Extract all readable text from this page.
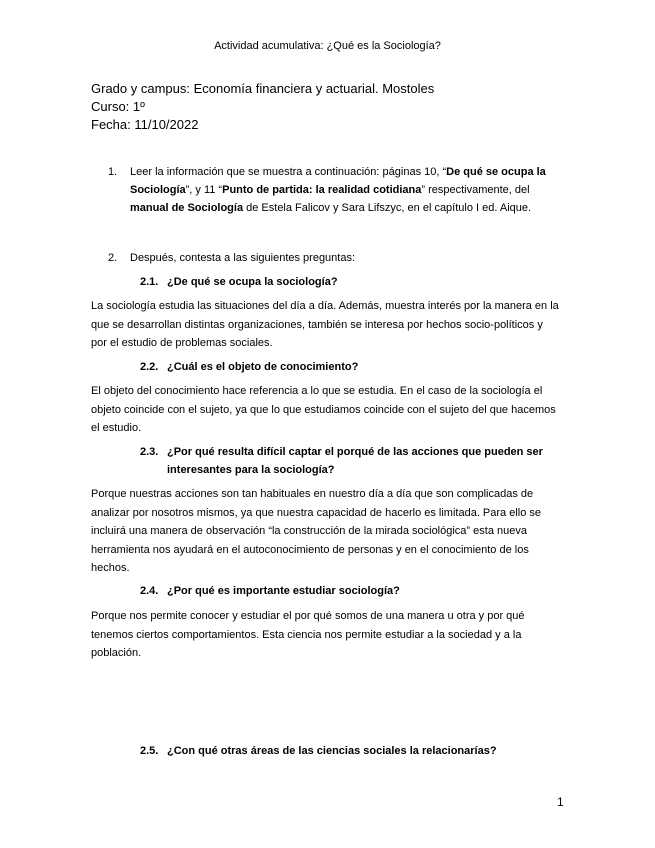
Actividad acumulativa: ¿Qué es la Sociología?
Grado y campus: Economía financiera y actuarial. Mostoles
Curso: 1º
Fecha: 11/10/2022
1. Leer la información que se muestra a continuación: páginas 10, “De qué se ocupa la Sociología”, y 11 “Punto de partida: la realidad cotidiana” respectivamente, del manual de Sociología de Estela Falicov y Sara Lifszyc, en el capítulo I ed. Aique.
2. Después, contesta a las siguientes preguntas:
2.1. ¿De qué se ocupa la sociología?
La sociología estudia las situaciones del día a día. Además, muestra interés por la manera en la que se desarrollan distintas organizaciones, también se interesa por hechos socio-políticos y por el estudio de problemas sociales.
2.2. ¿Cuál es el objeto de conocimiento?
El objeto del conocimiento hace referencia a lo que se estudia. En el caso de la sociología el objeto coincide con el sujeto, ya que lo que estudiamos coincide con el sujeto del que hacemos el estudio.
2.3. ¿Por qué resulta difícil captar el porqué de las acciones que pueden ser interesantes para la sociología?
Porque nuestras acciones son tan habituales en nuestro día a día que son complicadas de analizar por nosotros mismos, ya que nuestra capacidad de hacerlo es limitada. Para ello se incluirá una manera de observación “la construcción de la mirada sociológica” esta nueva herramienta nos ayudará en el autoconocimiento de personas y en el conocimiento de los hechos.
2.4. ¿Por qué es importante estudiar sociología?
Porque nos permite conocer y estudiar el por qué somos de una manera u otra y por qué tenemos ciertos comportamientos. Esta ciencia nos permite estudiar a la sociedad y a la población.
2.5. ¿Con qué otras áreas de las ciencias sociales la relacionarías?
1
